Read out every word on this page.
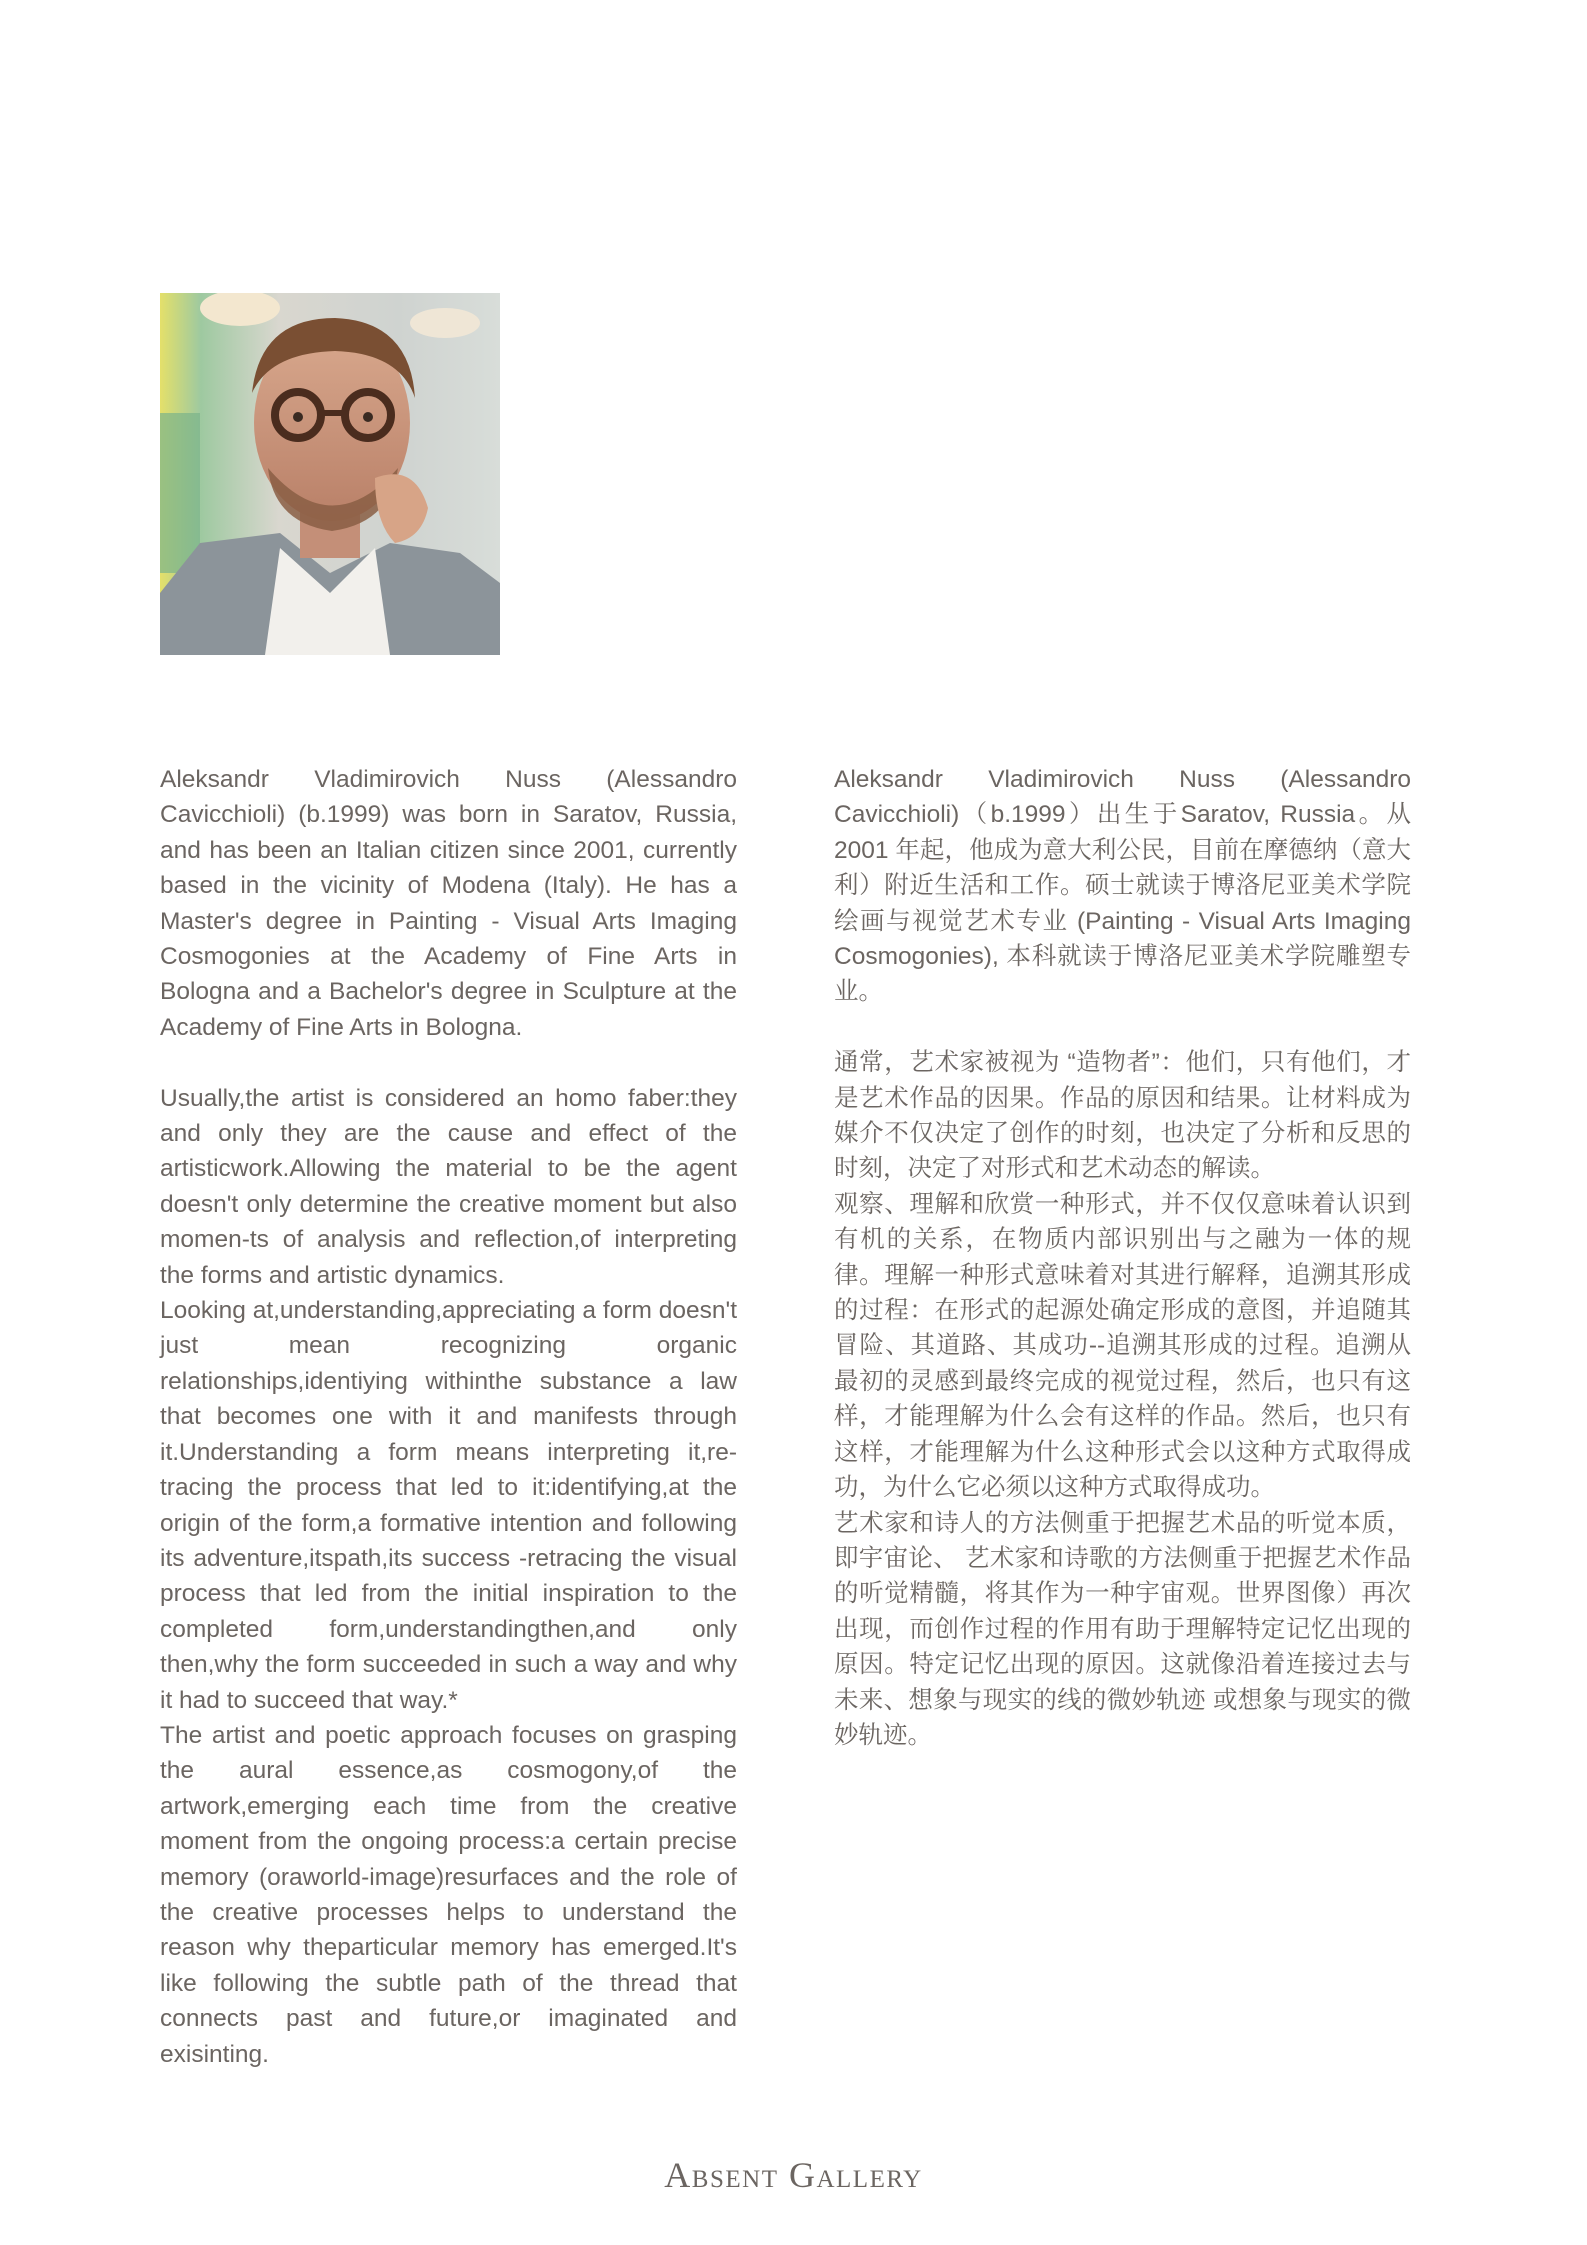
Aleksandr Vladimirovich Nuss (Alessandro Cavicchioli) (b.1999) was born in Saratov, Russia, and has been an Italian citizen since 2001, currently based in the vicinity of Modena (Italy). He has a Master's degree in Painting - Visual Arts Imaging Cosmogonies at the Academy of Fine Arts in Bologna and a Bachelor's degree in Sculpture at the Academy of Fine Arts in Bologna.

Usually,the artist is considered an homo faber:they and only they are the cause and effect of the artisticwork.Allowing the material to be the agent doesn't only determine the creative moment but also momen-ts of analysis and reflection,of interpreting the forms and artistic dynamics.

Looking at,understanding,appreciating a form doesn't just mean recognizing organic relationships,identiying withinthe substance a law that becomes one with it and manifests through it.Understanding a form means interpreting it,re-tracing the process that led to it:identifying,at the origin of the form,a formative intention and following its adventure,itspath,its success -retracing the visual process that led from the initial inspiration to the completed form,understandingthen,and only then,why the form succeeded in such a way and why it had to succeed that way.*

The artist and poetic approach focuses on grasping the aural essence,as cosmogony,of the artwork,emerging each time from the creative moment from the ongoing process:a certain precise memory (oraworld-image)resurfaces and the role of the creative processes helps to understand the reason why theparticular memory has emerged.It's like following the subtle path of the thread that connects past and future,or imaginated and exisinting.

Aleksandr Vladimirovich Nuss (Alessandro Cavicchioli)（b.1999）出生于Saratov, Russia。从2001 年起，他成为意大利公民，目前在摩德纳（意大利）附近生活和工作。硕士就读于博洛尼亚美术学院绘画与视觉艺术专业 (Painting - Visual Arts Imaging Cosmogonies), 本科就读于博洛尼亚美术学院雕塑专业。

通常，艺术家被视为 “造物者”：他们，只有他们，才是艺术作品的因果。作品的原因和结果。让材料成为媒介不仅决定了创作的时刻，也决定了分析和反思的时刻，决定了对形式和艺术动态的解读。

观察、理解和欣赏一种形式，并不仅仅意味着认识到有机的关系，在物质内部识别出与之融为一体的规律。理解一种形式意味着对其进行解释，追溯其形成的过程：在形式的起源处确定形成的意图，并追随其冒险、其道路、其成功--追溯其形成的过程。追溯从最初的灵感到最终完成的视觉过程，然后，也只有这样，才能理解为什么会有这样的作品。然后，也只有这样，才能理解为什么这种形式会以这种方式取得成功，为什么它必须以这种方式取得成功。

艺术家和诗人的方法侧重于把握艺术品的听觉本质，即宇宙论、 艺术家和诗歌的方法侧重于把握艺术作品的听觉精髓，将其作为一种宇宙观。世界图像）再次出现，而创作过程的作用有助于理解特定记忆出现的原因。特定记忆出现的原因。这就像沿着连接过去与未来、想象与现实的线的微妙轨迹 或想象与现实的微妙轨迹。

Absent Gallery
